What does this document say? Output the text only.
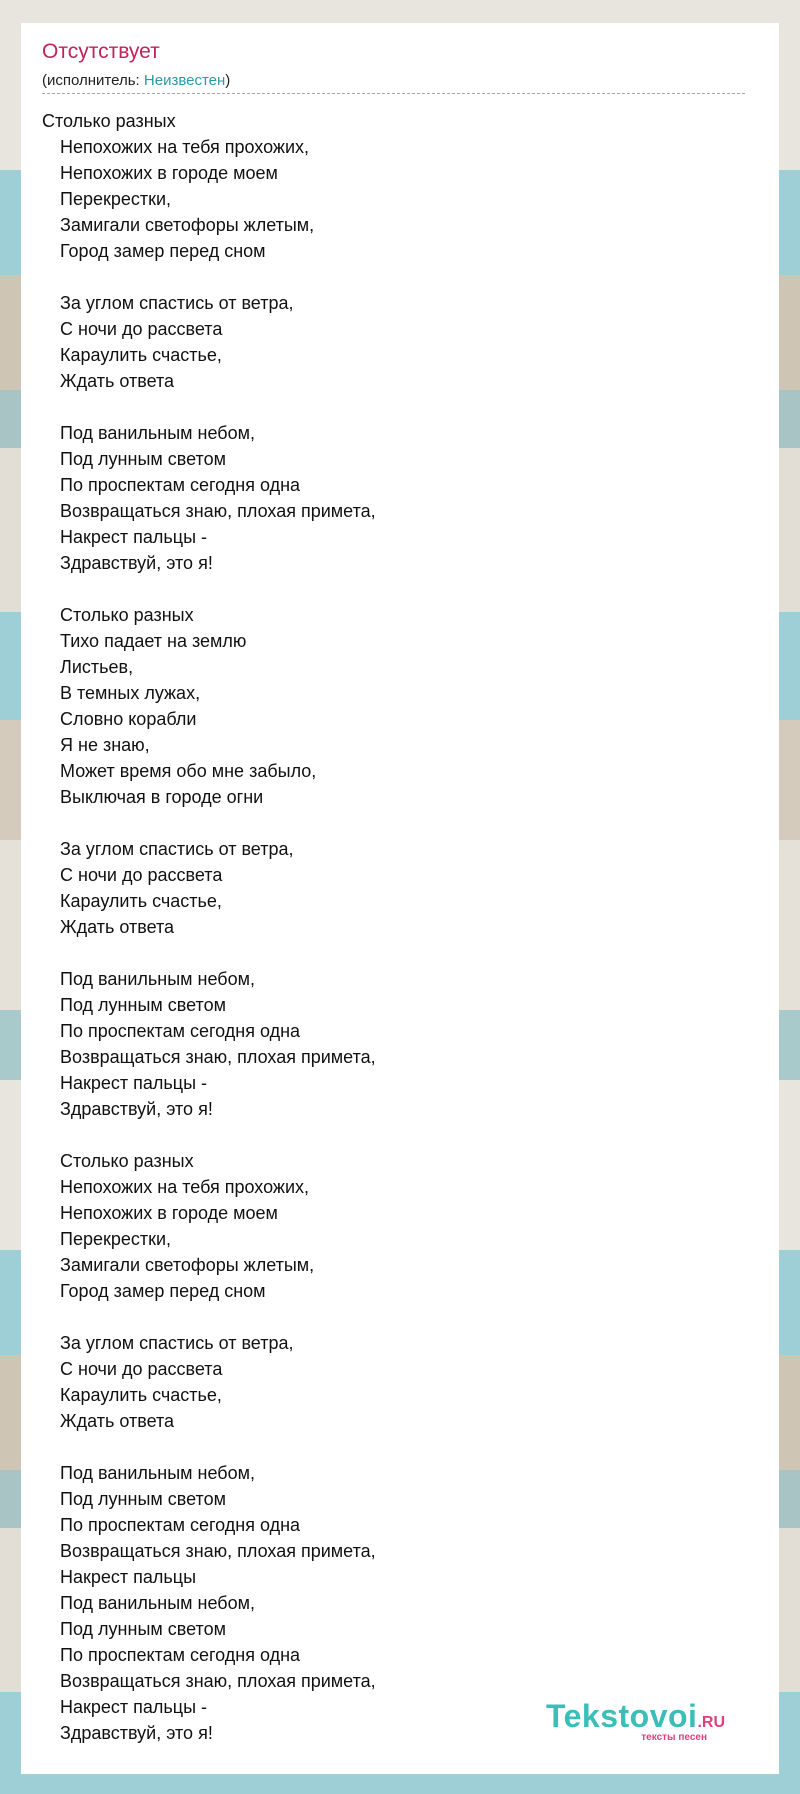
Отсутствует
(исполнитель: Неизвестен)
Столько разных
Непохожих на тебя прохожих,
Непохожих в городе моем
Перекрестки,
Замигали светофоры жлетым,
Город замер перед сном
За углом спастись от ветра,
С ночи до рассвета
Караулить счастье,
Ждать ответа
Под ванильным небом,
Под лунным светом
По проспектам сегодня одна
Возвращаться знаю, плохая примета,
Накрест пальцы -
Здравствуй, это я!
Столько разных
Тихо падает на землю
Листьев,
В темных лужах,
Словно корабли
Я не знаю,
Может время обо мне забыло,
Выключая в городе огни
За углом спастись от ветра,
С ночи до рассвета
Караулить счастье,
Ждать ответа
Под ванильным небом,
Под лунным светом
По проспектам сегодня одна
Возвращаться знаю, плохая примета,
Накрест пальцы -
Здравствуй, это я!
Столько разных
Непохожих на тебя прохожих,
Непохожих в городе моем
Перекрестки,
Замигали светофоры жлетым,
Город замер перед сном
За углом спастись от ветра,
С ночи до рассвета
Караулить счастье,
Ждать ответа
Под ванильным небом,
Под лунным светом
По проспектам сегодня одна
Возвращаться знаю, плохая примета,
Накрест пальцы
Под ванильным небом,
Под лунным светом
По проспектам сегодня одна
Возвращаться знаю, плохая примета,
Накрест пальцы -
Здравствуй, это я!	Tekstovoi.RU
тексты песен
